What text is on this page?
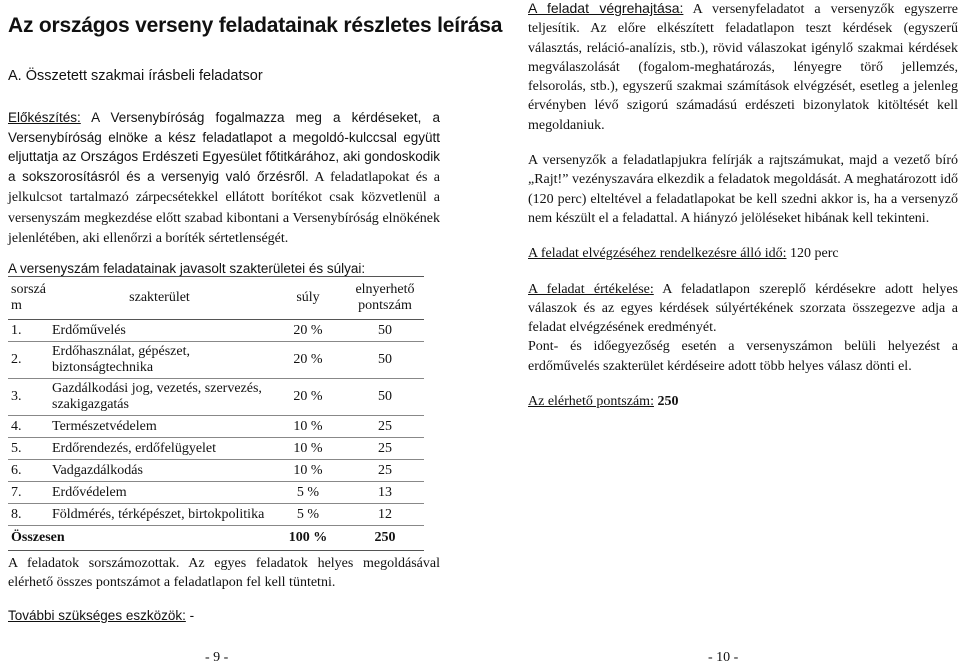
Az országos verseny feladatainak részletes leírása
A. Összetett szakmai írásbeli feladatsor

Előkészítés: A Versenybíróság fogalmazza meg a kérdéseket, a Versenybíróság elnöke a kész feladatlapot a megoldó-kulccsal együtt eljuttatja az Országos Erdészeti Egyesület főtitkárához, aki gondoskodik a sokszorosításról és a versenyig való őrzésről. A feladatlapokat és a jelkulcsot tartalmazó zárpecsétekkel ellátott borítékot csak közvetlenül a versenyszám megkezdése előtt szabad kibontani a Versenybíróság elnökének jelenlétében, aki ellenőrzi a boríték sértetlenségét.

A versenyszám feladatainak javasolt szakterületei és súlyai:
sorszá m	szakterület	súly	elnyerhető pontszám
1.	Erdőművelés	20 %	50
2.	Erdőhasználat, gépészet, biztonságtechnika	20 %	50
3.	Gazdálkodási jog, vezetés, szervezés, szakigazgatás	20 %	50
4.	Természetvédelem	10 %	25
5.	Erdőrendezés, erdőfelügyelet	10 %	25
6.	Vadgazdálkodás	10 %	25
7.	Erdővédelem	5 %	13
8.	Földmérés, térképészet, birtokpolitika	5 %	12
Összesen		100 %	250

A feladatok sorszámozottak. Az egyes feladatok helyes megoldásával elérhető összes pontszámot a feladatlapon fel kell tüntetni.

További szükséges eszközök: -
- 9 -	- 10 -

A feladat végrehajtása: A versenyfeladatot a versenyzők egyszerre teljesítik. Az előre elkészített feladatlapon teszt kérdések (egyszerű választás, reláció-analízis, stb.), rövid válaszokat igénylő szakmai kérdések megválaszolását (fogalom-meghatározás, lényegre törő jellemzés, felsorolás, stb.), egyszerű szakmai számítások elvégzését, esetleg a jelenleg érvényben lévő szigorú számadású erdészeti bizonylatok kitöltését kell megoldaniuk.

A versenyzők a feladatlapjukra felírják a rajtszámukat, majd a vezető bíró „Rajt!” vezényszavára elkezdik a feladatok megoldását. A meghatározott idő (120 perc) elteltével a feladatlapokat be kell szedni akkor is, ha a versenyző nem készült el a feladattal. A hiányzó jelöléseket hibának kell tekinteni.

A feladat elvégzéséhez rendelkezésre álló idő: 120 perc

A feladat értékelése: A feladatlapon szereplő kérdésekre adott helyes válaszok és az egyes kérdések súlyértékének szorzata összegezve adja a feladat elvégzésének eredményét.

Pont- és időegyezőség esetén a versenyszámon belüli helyezést a erdőművelés szakterület kérdéseire adott több helyes válasz dönti el.

Az elérhető pontszám: 250
